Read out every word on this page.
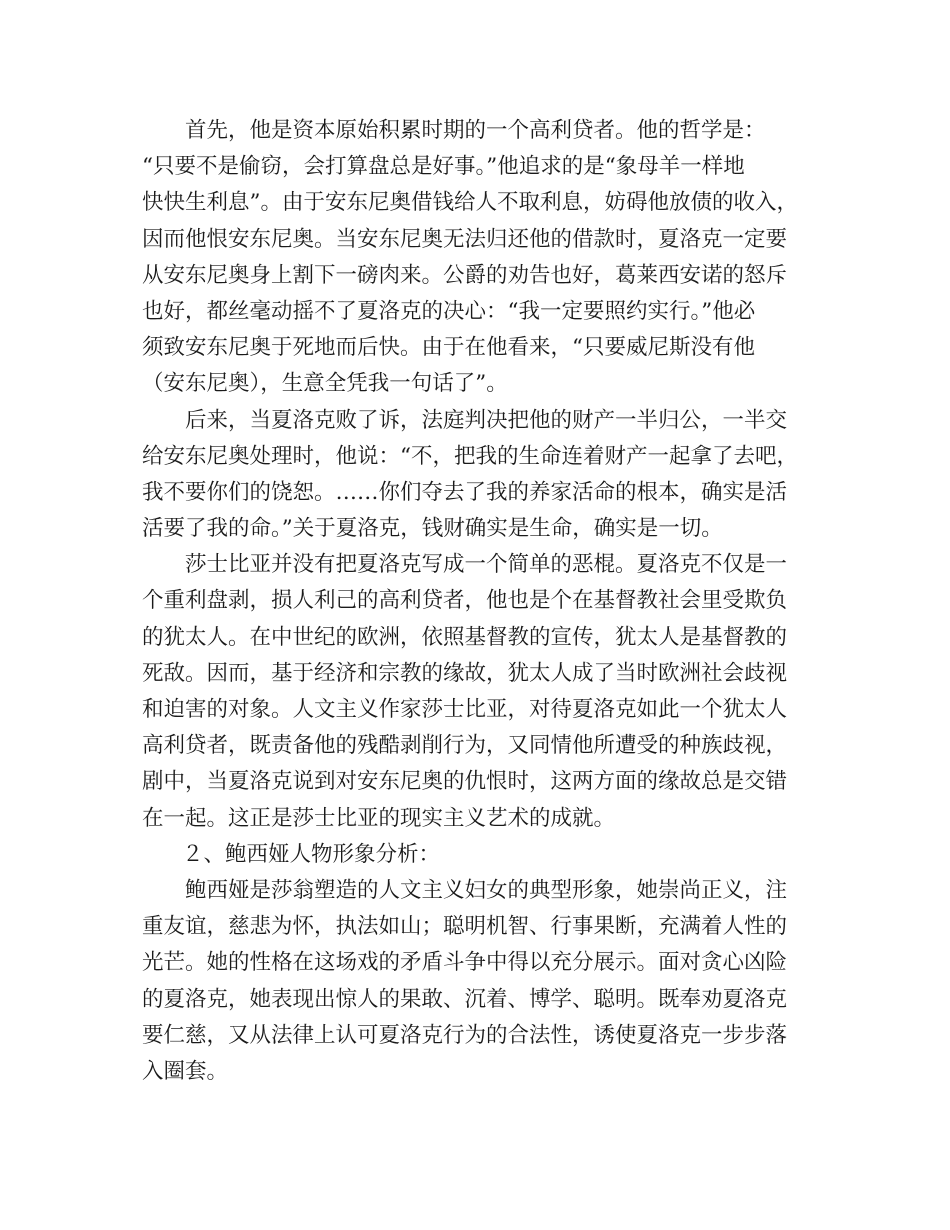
首先，他是资本原始积累时期的一个高利贷者。他的哲学是：
“只要不是偷窃，会打算盘总是好事。”他追求的是“象母羊一样地
快快生利息”。由于安东尼奥借钱给人不取利息，妨碍他放债的收入，
因而他恨安东尼奥。当安东尼奥无法归还他的借款时，夏洛克一定要
从安东尼奥身上割下一磅肉来。公爵的劝告也好，葛莱西安诺的怒斥
也好，都丝毫动摇不了夏洛克的决心：“我一定要照约实行。”他必
须致安东尼奥于死地而后快。由于在他看来，“只要威尼斯没有他
（安东尼奥），生意全凭我一句话了”。
后来，当夏洛克败了诉，法庭判决把他的财产一半归公，一半交
给安东尼奥处理时，他说：“不，把我的生命连着财产一起拿了去吧，
我不要你们的饶恕。……你们夺去了我的养家活命的根本，确实是活
活要了我的命。”关于夏洛克，钱财确实是生命，确实是一切。
莎士比亚并没有把夏洛克写成一个简单的恶棍。夏洛克不仅是一
个重利盘剥，损人利己的高利贷者，他也是个在基督教社会里受欺负
的犹太人。在中世纪的欧洲，依照基督教的宣传，犹太人是基督教的
死敌。因而，基于经济和宗教的缘故，犹太人成了当时欧洲社会歧视
和迫害的对象。人文主义作家莎士比亚，对待夏洛克如此一个犹太人
高利贷者，既责备他的残酷剥削行为，又同情他所遭受的种族歧视，
剧中，当夏洛克说到对安东尼奥的仇恨时，这两方面的缘故总是交错
在一起。这正是莎士比亚的现实主义艺术的成就。
２、鲍西娅人物形象分析：
鲍西娅是莎翁塑造的人文主义妇女的典型形象，她崇尚正义，注
重友谊，慈悲为怀，执法如山；聪明机智、行事果断，充满着人性的
光芒。她的性格在这场戏的矛盾斗争中得以充分展示。面对贪心凶险
的夏洛克，她表现出惊人的果敢、沉着、博学、聪明。既奉劝夏洛克
要仁慈，又从法律上认可夏洛克行为的合法性，诱使夏洛克一步步落
入圈套。
